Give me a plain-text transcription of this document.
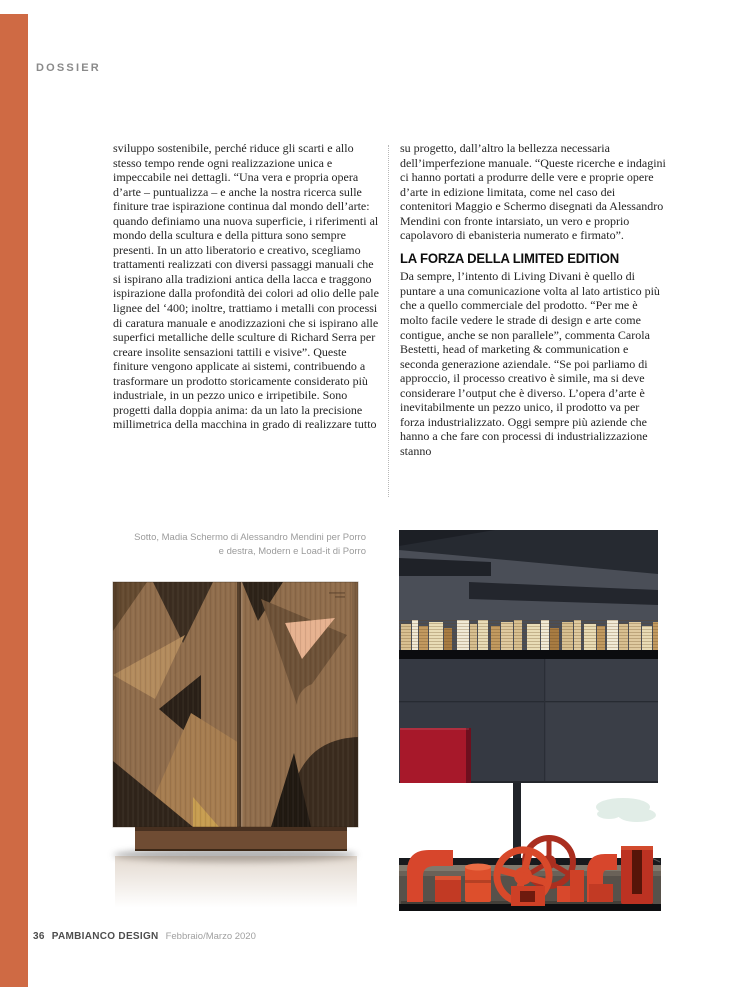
DOSSIER

sviluppo sostenibile, perché riduce gli scarti e allo stesso tempo rende ogni realizzazione unica e impeccabile nei dettagli. “Una vera e propria opera d’arte – puntualizza – e anche la nostra ricerca sulle finiture trae ispirazione continua dal mondo dell’arte: quando definiamo una nuova superficie, i riferimenti al mondo della scultura e della pittura sono sempre presenti. In un atto liberatorio e creativo, scegliamo trattamenti realizzati con diversi passaggi manuali che si ispirano alla tradizioni antica della lacca e traggono ispirazione dalla profondità dei colori ad olio delle pale lignee del ‘400; inoltre, trattiamo i metalli con processi di caratura manuale e anodizzazioni che si ispirano alle superfici metalliche delle sculture di Richard Serra per creare insolite sensazioni tattili e visive”. Queste finiture vengono applicate ai sistemi, contribuendo a trasformare un prodotto storicamente considerato più industriale, in un pezzo unico e irripetibile. Sono progetti dalla doppia anima: da un lato la precisione millimetrica della macchina in grado di realizzare tutto

su progetto, dall’altro la bellezza necessaria dell’imperfezione manuale. “Queste ricerche e indagini ci hanno portati a produrre delle vere e proprie opere d’arte in edizione limitata, come nel caso dei contenitori Maggio e Schermo disegnati da Alessandro Mendini con fronte intarsiato, un vero e proprio capolavoro di ebanisteria numerato e firmato”.

LA FORZA DELLA LIMITED EDITION

Da sempre, l’intento di Living Divani è quello di puntare a una comunicazione volta al lato artistico più che a quello commerciale del prodotto. “Per me è molto facile vedere le strade di design e arte come contigue, anche se non parallele”, commenta Carola Bestetti, head of marketing & communication e seconda generazione aziendale. “Se poi parliamo di approccio, il processo creativo è simile, ma si deve considerare l’output che è diverso. L’opera d’arte è inevitabilmente un pezzo unico, il prodotto va per forza industrializzato. Oggi sempre più aziende che hanno a che fare con processi di industrializzazione stanno

Sotto, Madia Schermo di Alessandro Mendini per Porro
e destra, Modern e Load-it di Porro
36 PAMBIANCO DESIGN Febbraio/Marzo 2020
